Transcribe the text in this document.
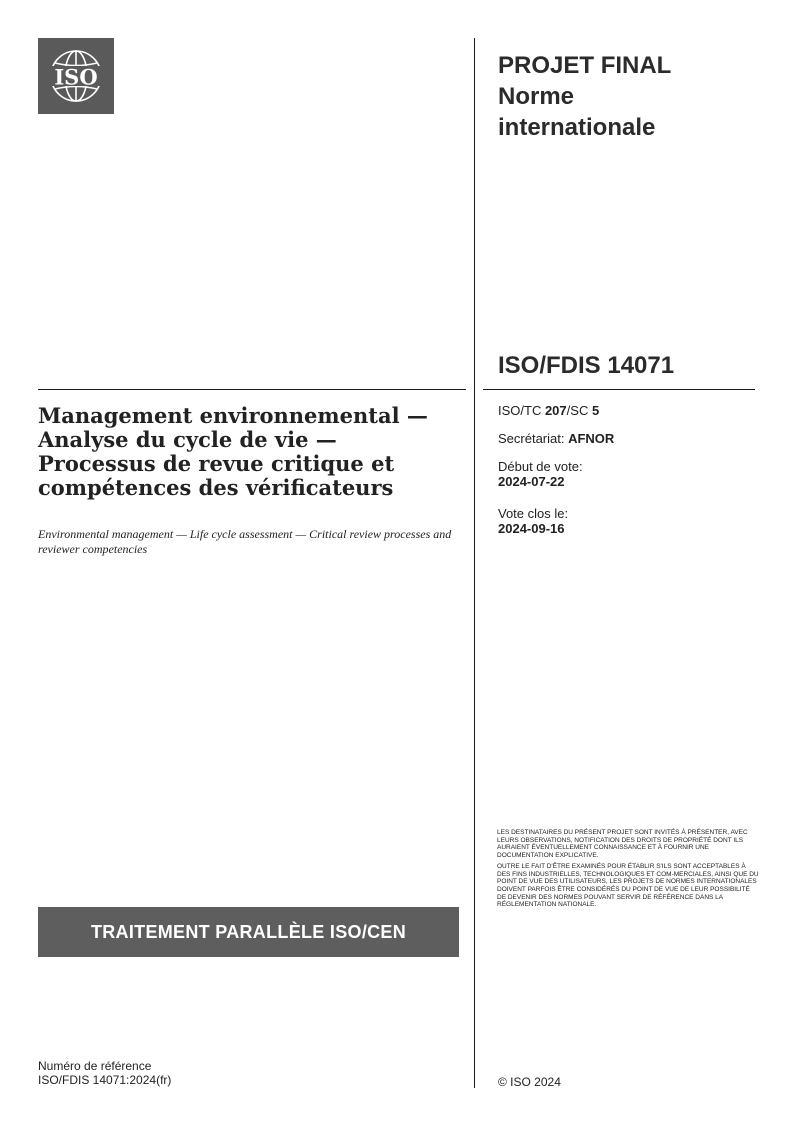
ISO	PROJET FINAL
Norme
internationale
ISO/FDIS 14071
ISO/TC 207/SC 5
Secrétariat: AFNOR
Début de vote:
2024-07-22
Vote clos le:
2024-09-16
Management environnemental — Analyse du cycle de vie — Processus de revue critique et compétences des vérificateurs
Environmental management — Life cycle assessment — Critical review processes and reviewer competencies

LES DESTINATAIRES DU PRÉSENT PROJET SONT INVITÉS À PRÉSENTER, AVEC LEURS OBSERVATIONS, NOTIFICATION DES DROITS DE PROPRIÉTÉ DONT ILS AURAIENT ÉVENTUELLEMENT CONNAISSANCE ET À FOURNIR UNE DOCUMENTATION EXPLICATIVE.

OUTRE LE FAIT D'ÊTRE EXAMINÉS POUR ÉTABLIR S'ILS SONT ACCEPTABLES À DES FINS INDUSTRIELLES, TECHNOLOGIQUES ET COM-MERCIALES, AINSI QUE DU POINT DE VUE DES UTILISATEURS, LES PROJETS DE NORMES INTERNATIONALES DOIVENT PARFOIS ÊTRE CONSIDÉRÉS DU POINT DE VUE DE LEUR POSSIBILITÉ DE DEVENIR DES NORMES POUVANT SERVIR DE RÉFÉRENCE DANS LA RÉGLEMENTATION NATIONALE.

TRAITEMENT PARALLÈLE ISO/CEN
Numéro de référence
ISO/FDIS 14071:2024(fr)	© ISO 2024
